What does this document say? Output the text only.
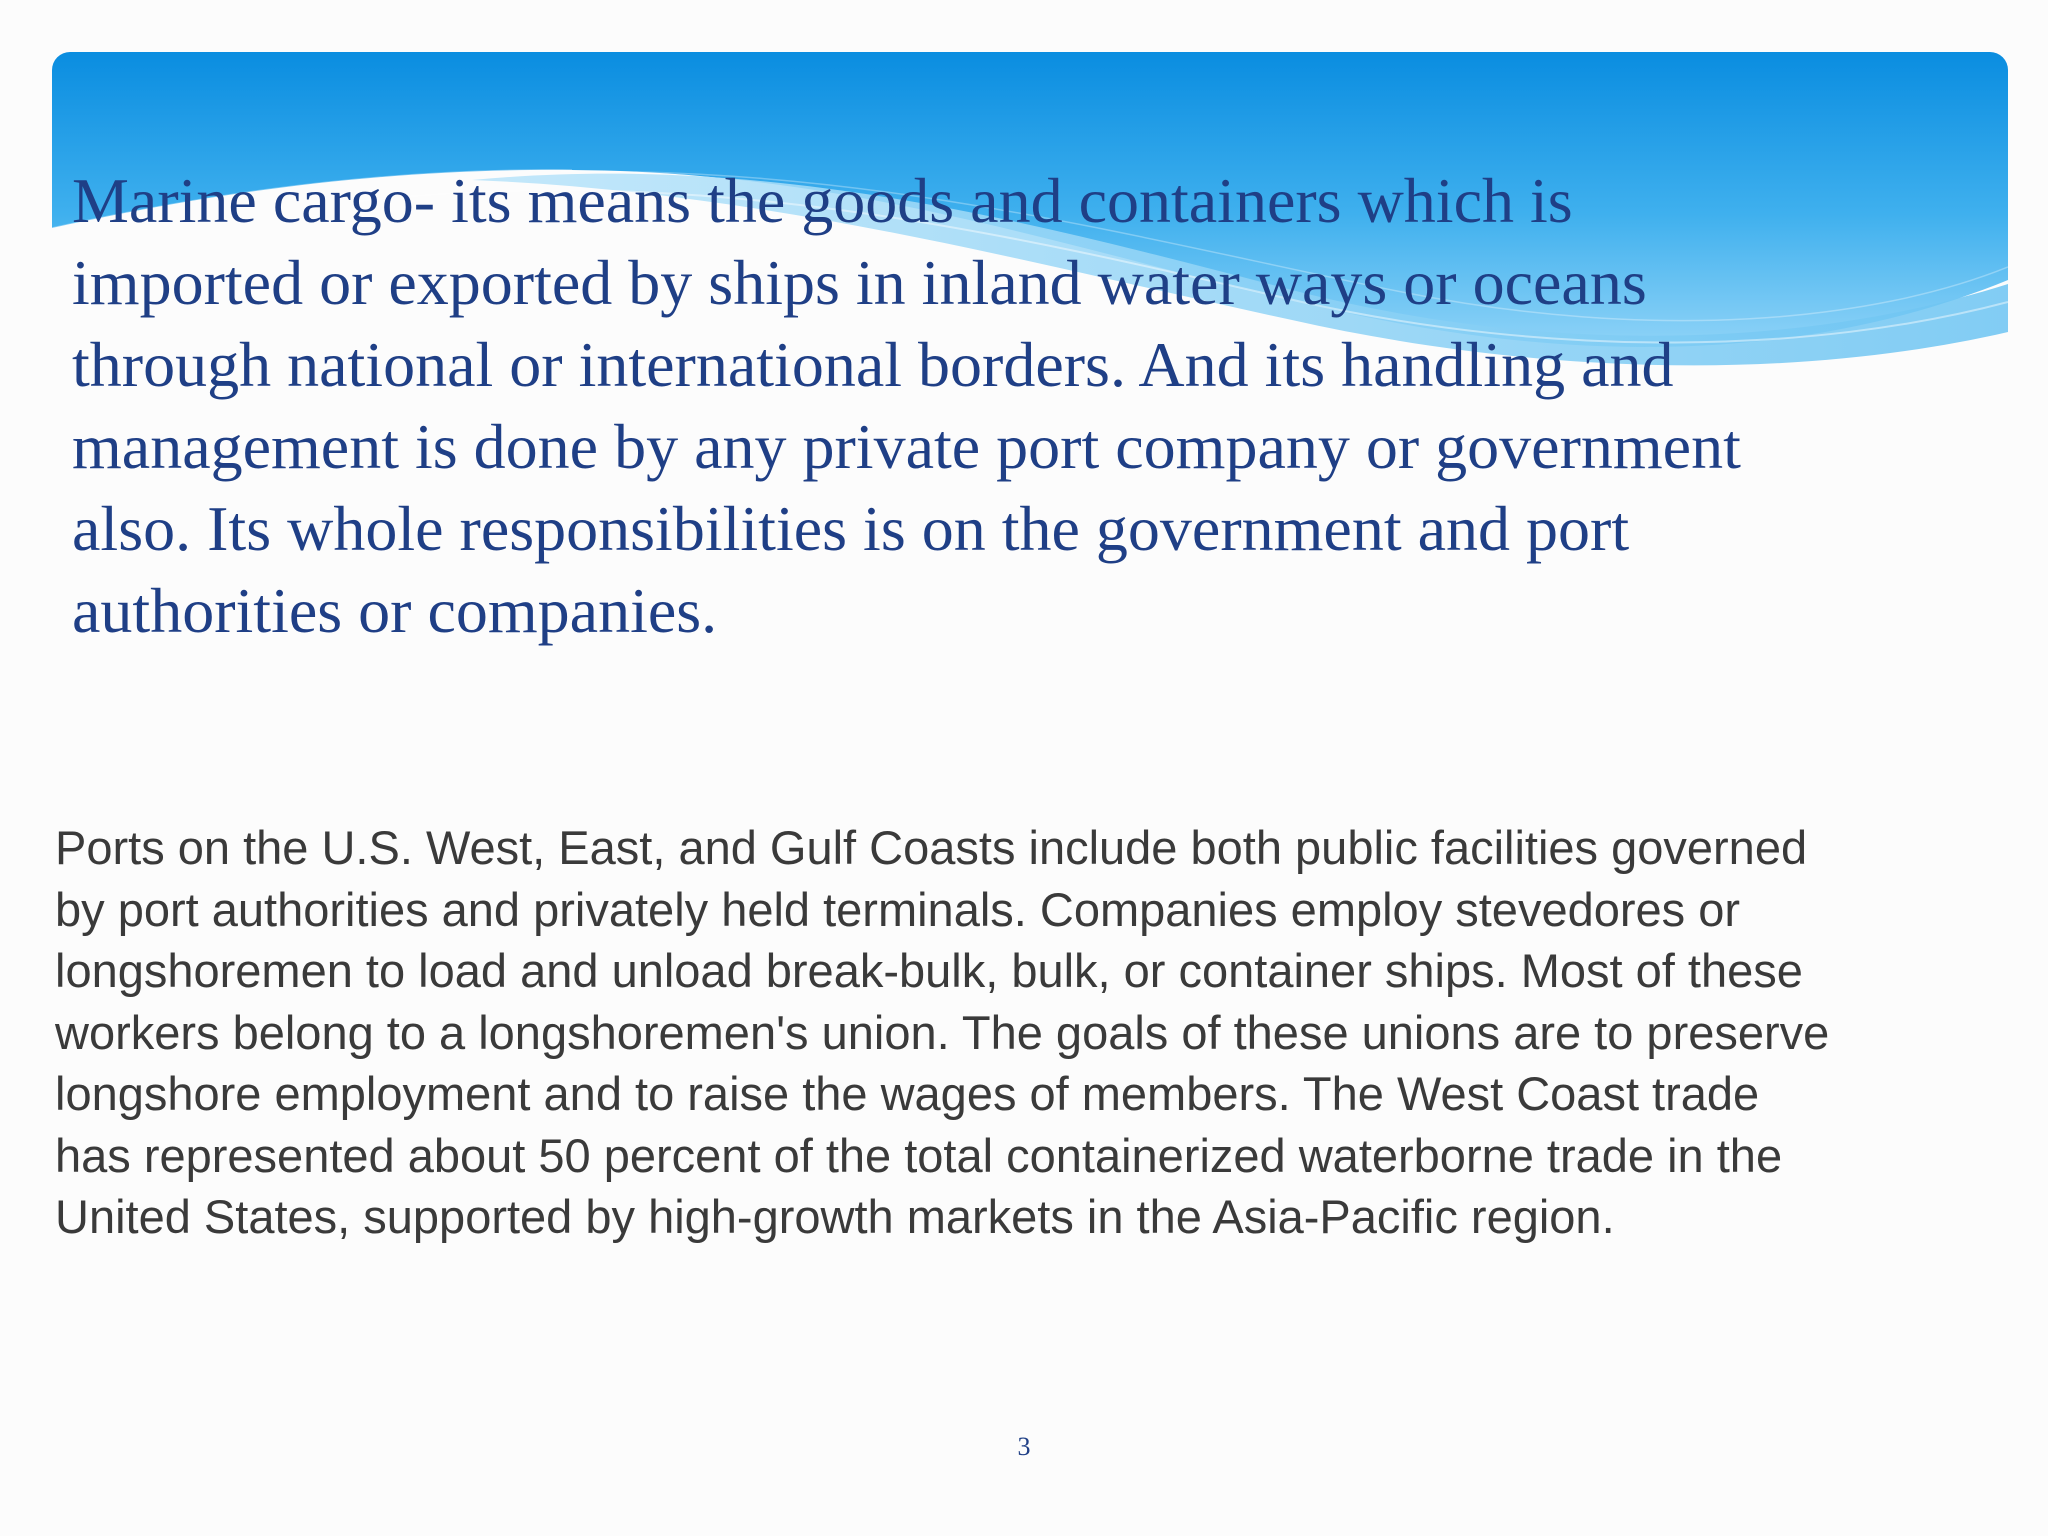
Marine cargo- its means the goods and containers which is
imported or exported by ships in inland water ways or oceans
through national or international borders. And its handling and
management is done by any private port company or government
also. Its whole responsibilities is on the government and port
authorities or companies.

Ports on the U.S. West, East, and Gulf Coasts include both public facilities governed
by port authorities and privately held terminals. Companies employ stevedores or
longshoremen to load and unload break-bulk, bulk, or container ships. Most of these
workers belong to a longshoremen's union. The goals of these unions are to preserve
longshore employment and to raise the wages of members. The West Coast trade
has represented about 50 percent of the total containerized waterborne trade in the
United States, supported by high-growth markets in the Asia-Pacific region.

3
